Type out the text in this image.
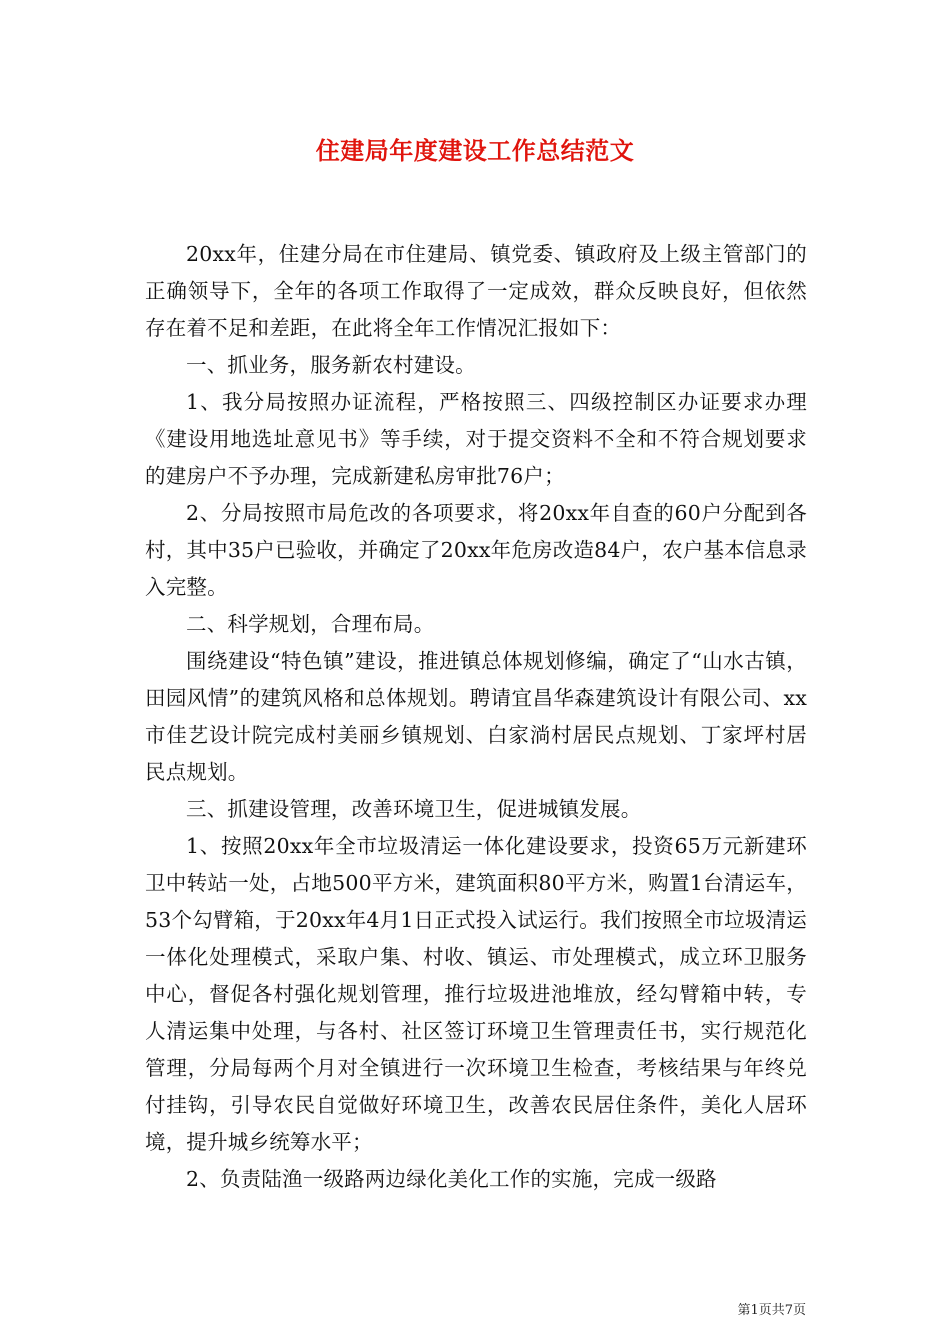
住建局年度建设工作总结范文

20xx年，住建分局在市住建局、镇党委、镇政府及上级主管部门的正确领导下，全年的各项工作取得了一定成效，群众反映良好，但依然存在着不足和差距，在此将全年工作情况汇报如下：

一、抓业务，服务新农村建设。

1、我分局按照办证流程，严格按照三、四级控制区办证要求办理《建设用地选址意见书》等手续，对于提交资料不全和不符合规划要求的建房户不予办理，完成新建私房审批76户；

2、分局按照市局危改的各项要求，将20xx年自查的60户分配到各村，其中35户已验收，并确定了20xx年危房改造84户，农户基本信息录入完整。

二、科学规划，合理布局。

围绕建设“特色镇”建设，推进镇总体规划修编，确定了“山水古镇，田园风情”的建筑风格和总体规划。聘请宜昌华森建筑设计有限公司、xx市佳艺设计院完成村美丽乡镇规划、白家淌村居民点规划、丁家坪村居民点规划。

三、抓建设管理，改善环境卫生，促进城镇发展。

1、按照20xx年全市垃圾清运一体化建设要求，投资65万元新建环卫中转站一处，占地500平方米，建筑面积80平方米，购置1台清运车，53个勾臂箱，于20xx年4月1日正式投入试运行。我们按照全市垃圾清运一体化处理模式，采取户集、村收、镇运、市处理模式，成立环卫服务中心，督促各村强化规划管理，推行垃圾进池堆放，经勾臂箱中转，专人清运集中处理，与各村、社区签订环境卫生管理责任书，实行规范化管理，分局每两个月对全镇进行一次环境卫生检查，考核结果与年终兑付挂钩，引导农民自觉做好环境卫生，改善农民居住条件，美化人居环境，提升城乡统筹水平；

2、负责陆渔一级路两边绿化美化工作的实施，完成一级路

第1页共7页
